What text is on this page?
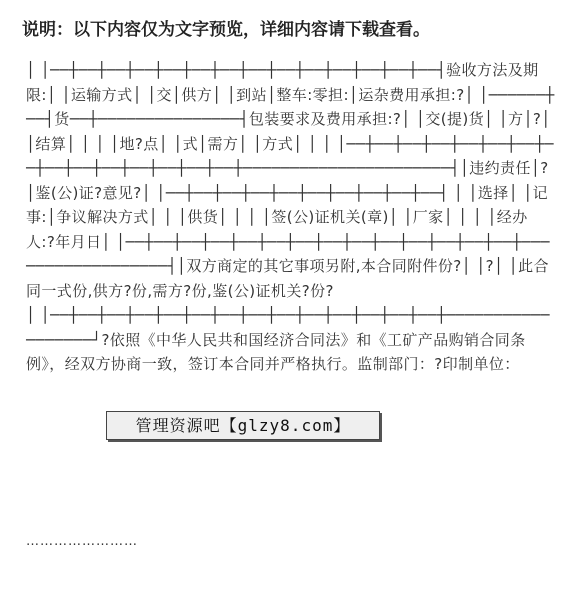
说明：以下内容仅为文字预览，详细内容请下载查看。

│ │──┼──┼──┼──┼──┼──┼──┼──┼──┼──┼──┼──┼──┼──┤验收方法及期限:│ │运输方式│ │交│供方│ │到站│整车:零担:│运杂费用承担:?│ │──────┼──┤货──┼───────────────┤包装要求及费用承担:?│ │交(提)货│ │方│?│ │结算│ │ │ │地?点│ │式│需方│ │方式│ │ │ │──┼──┼──┼──┼──┼──┼──┼──┼──┼──┼──┼──┼──┼──┼──┼──────────────────────┤│违约责任│?│鉴(公)证?意见?│ │──┼──┼──┼──┼──┼──┼──┼──┼──┼──┤ │ │选择│ │记事:│争议解决方式│ │ │供货│ │ │ │签(公)证机关(章)│ │厂家│ │ │ │经办人:?年月日│ │──┼──┼──┼──┼──┼──┼──┼──┼──┼──┼──┼──┼──┼──┼──────────────────┤│双方商定的其它事项另附,本合同附件份?│ │?│ │此合同一式份,供方?份,需方?份,鉴(公)证机关?份?

│ │──┼──┼──┼──┼──┼──┼──┼──┼──┼──┼──┼──┼──┼──┼──────────────────┘?依照《中华人民共和国经济合同法》和《工矿产品购销合同条例》，经双方协商一致，签订本合同并严格执行。监制部门：?印制单位：

……………………
管理资源吧【glzy8.com】
